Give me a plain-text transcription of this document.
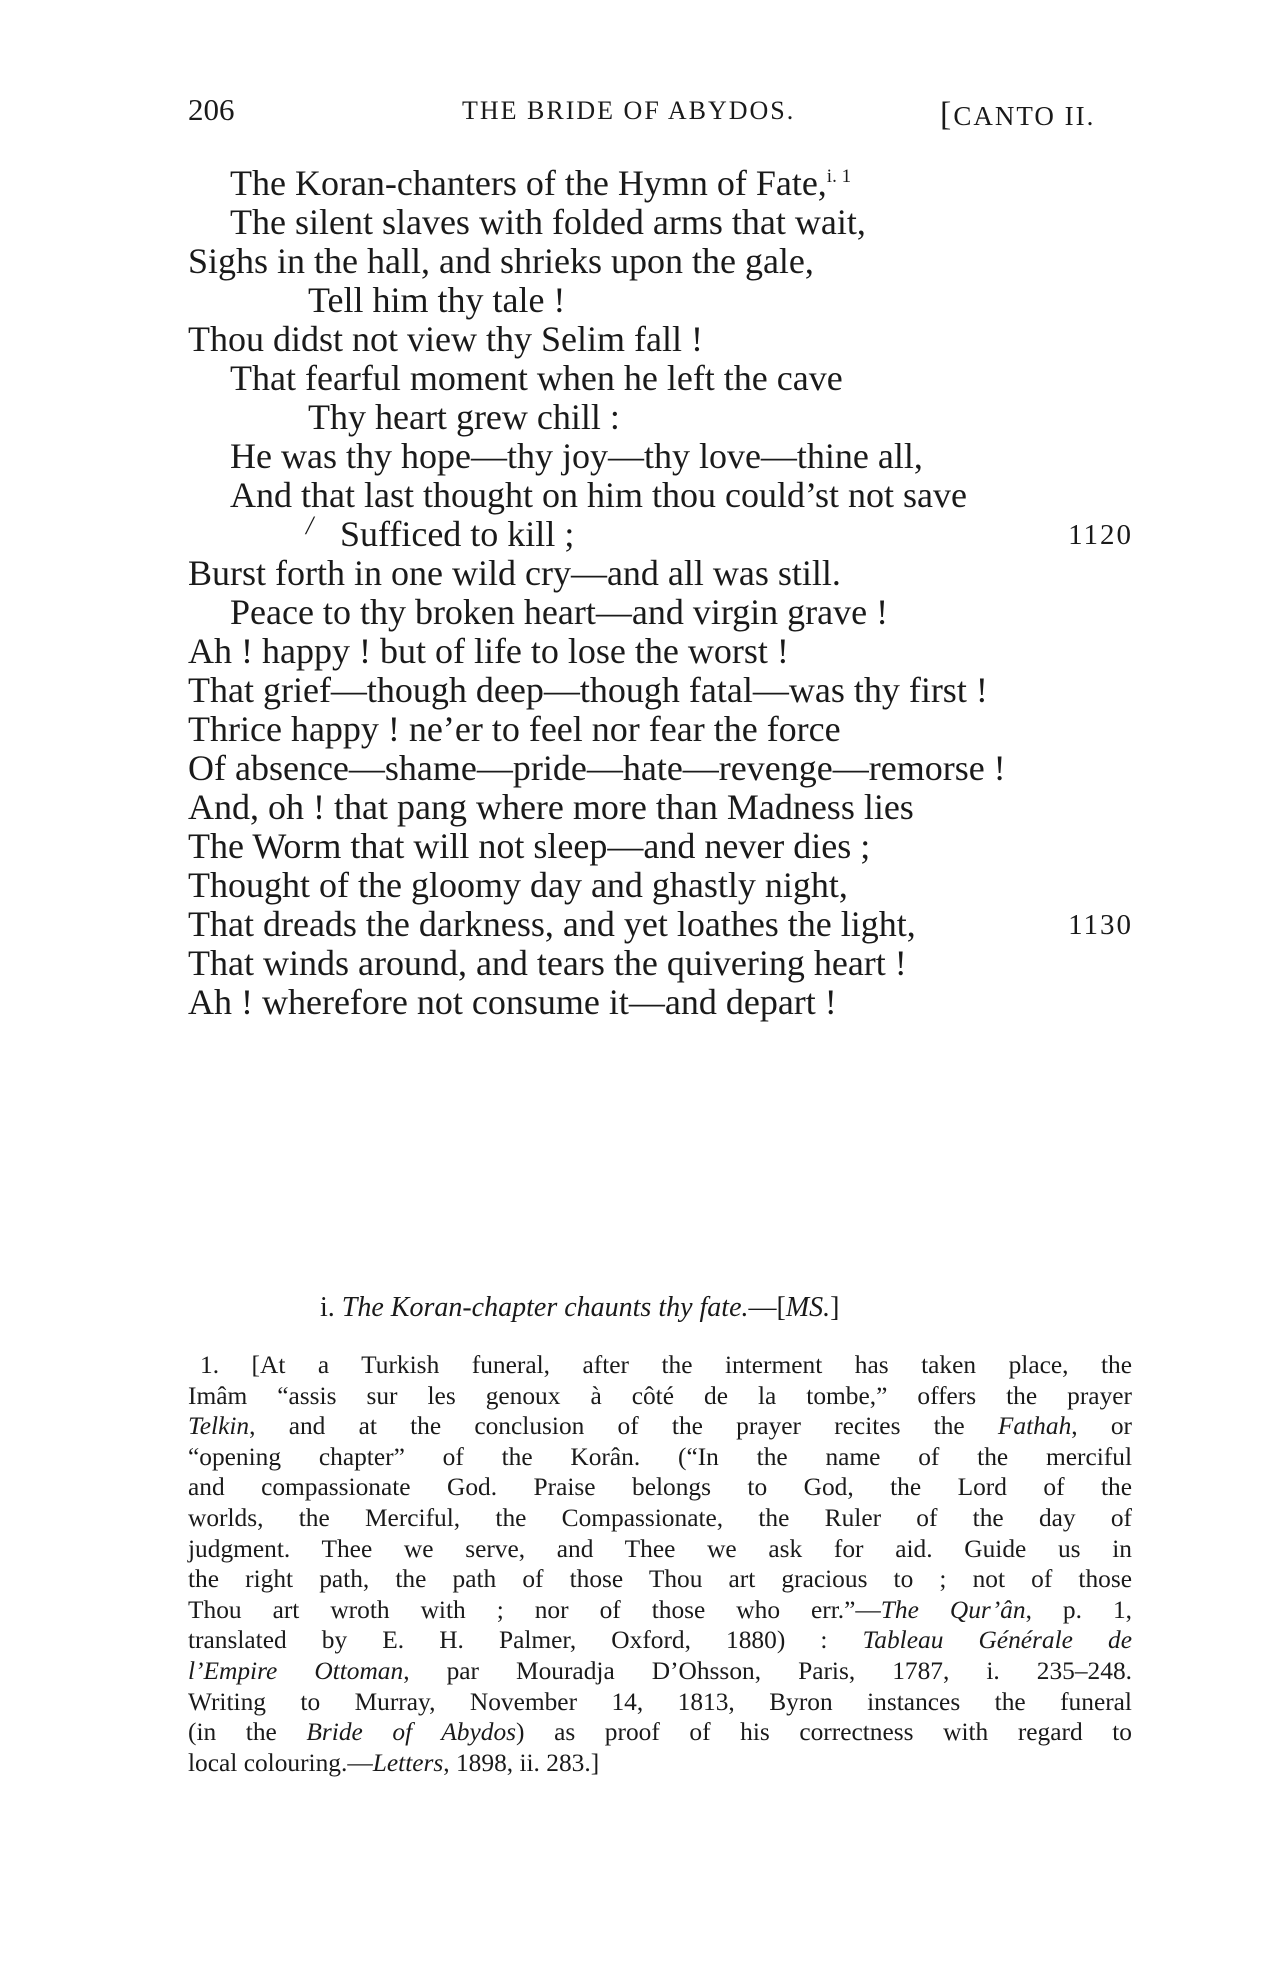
206	THE BRIDE OF ABYDOS.	[CANTO II.
The Koran-chanters of the Hymn of Fate,$^{i. 1}$
The silent slaves with folded arms that wait,
Sighs in the hall, and shrieks upon the gale,
Tell him thy tale !
Thou didst not view thy Selim fall !
That fearful moment when he left the cave
Thy heart grew chill :
He was thy hope—thy joy—thy love—thine all,
And that last thought on him thou could’st not save
Sufficed to kill ;
/	1120
Burst forth in one wild cry—and all was still.
Peace to thy broken heart—and virgin grave !
Ah ! happy ! but of life to lose the worst !
That grief—though deep—though fatal—was thy first !
Thrice happy ! ne’er to feel nor fear the force
Of absence—shame—pride—hate—revenge—remorse !
And, oh ! that pang where more than Madness lies
The Worm that will not sleep—and never dies ;
Thought of the gloomy day and ghastly night,
That dreads the darkness, and yet loathes the light,	1130
That winds around, and tears the quivering heart !
Ah ! wherefore not consume it—and depart !
i. The Koran-chapter chaunts thy fate.—[MS.]
1. [At a Turkish funeral, after the interment has taken place, the
Imâm “assis sur les genoux à côté de la tombe,” offers the prayer
Telkin, and at the conclusion of the prayer recites the Fathah, or
“opening chapter” of the Korân. (“In the name of the merciful
and compassionate God. Praise belongs to God, the Lord of the
worlds, the Merciful, the Compassionate, the Ruler of the day of
judgment. Thee we serve, and Thee we ask for aid. Guide us in
the right path, the path of those Thou art gracious to ; not of those
Thou art wroth with ; nor of those who err.”—The Qur’ân, p. 1,
translated by E. H. Palmer, Oxford, 1880) : Tableau Générale de
l’Empire Ottoman, par Mouradja D’Ohsson, Paris, 1787, i. 235–248.
Writing to Murray, November 14, 1813, Byron instances the funeral
(in the Bride of Abydos) as proof of his correctness with regard to
local colouring.—Letters, 1898, ii. 283.]
